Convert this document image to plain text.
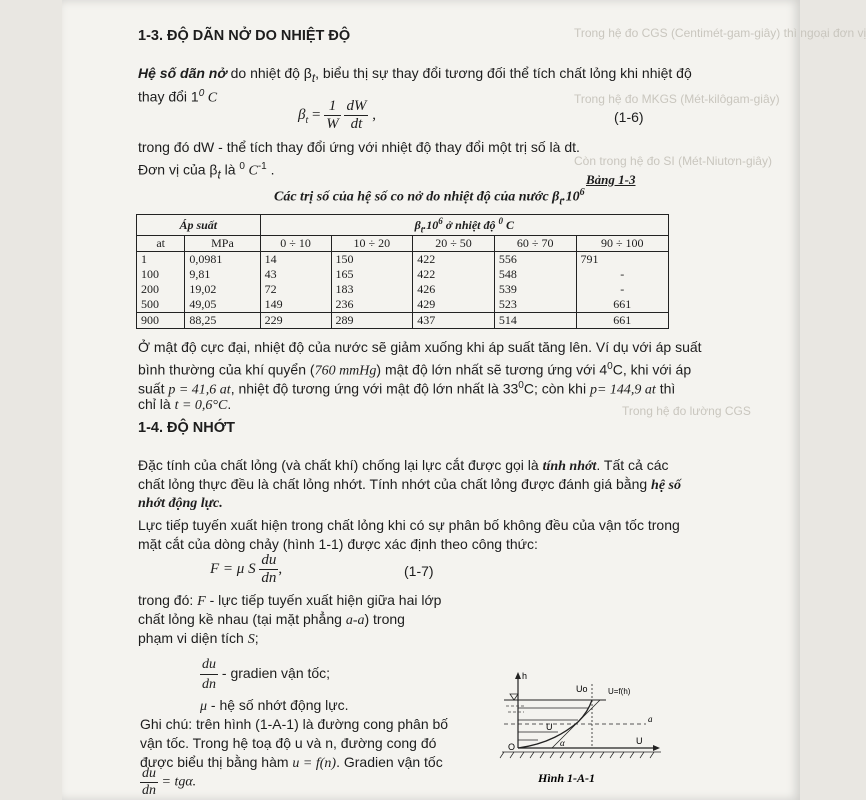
Trong hệ đo CGS (Centimét-gam-giây) thì ngoại đơn vị
Trong hệ đo MKGS (Mét-kilôgam-giây)
Còn trong hệ đo SI (Mét-Niutơn-giây)
Trong hệ đo lường CGS
1-3. ĐỘ DÃN NỞ DO NHIỆT ĐỘ
Hệ số dãn nở do nhiệt độ $\beta_t$, biểu thị sự thay đổi tương đối thể tích chất lỏng khi nhiệt độ
thay đổi $1^0$ C
$\beta_t = \frac{1}{W}$
$\frac{dW}{dt}$ ,	(1-6)
trong đó dW - thể tích thay đổi ứng với nhiệt độ thay đổi một trị số là dt.
Đơn vị của $\beta_t$ là $^0$ $C^{-1}$ .
Bảng 1-3
Các trị số của hệ số co nở do nhiệt độ của nước $\beta_t.10^6$
Áp suất		$\beta_t.10^6$ ở nhiệt độ $^0$ C				
at	MPa	0 ÷ 10	10 ÷ 20	20 ÷ 50	60 ÷ 70	90 ÷ 100
1	0,0981	14	150	422	556	791
100	9,81	43	165	422	548	-
200	19,02	72	183	426	539	-
500	49,05	149	236	429	523	661
900	88,25	229	289	437	514	661
Ở mật độ cực đại, nhiệt độ của nước sẽ giảm xuống khi áp suất tăng lên. Ví dụ với áp suất
bình thường của khí quyển (760 mmHg) mật độ lớn nhất sẽ tương ứng với $4^0C$, khi với áp
suất p = 41,6 at, nhiệt độ tương ứng với mật độ lớn nhất là $33^0C$; còn khi p= 144,9 at thì
chỉ là t = 0,6°C.
1-4. ĐỘ NHỚT
Đặc tính của chất lỏng (và chất khí) chống lại lực cắt được gọi là tính nhớt. Tất cả các
chất lỏng thực đều là chất lỏng nhớt. Tính nhớt của chất lỏng được đánh giá bằng hệ số
nhớt động lực.
Lực tiếp tuyến xuất hiện trong chất lỏng khi có sự phân bố không đều của vận tốc trong
mặt cắt của dòng chảy (hình 1-1) được xác định theo công thức:
F = μ S $\frac{du}{dn}$ ,	(1-7)
trong đó: F - lực tiếp tuyến xuất hiện giữa hai lớp
chất lỏng kề nhau (tại mặt phẳng a-a) trong
phạm vi diện tích S;
$\frac{du}{dn}$ - gradien vận tốc;
μ - hệ số nhớt động lực.
Ghi chú: trên hình (1-A-1) là đường cong phân bố
vận tốc. Trong hệ toạ độ u và n, đường cong đó
được biểu thị bằng hàm u = f(n). Gradien vận tốc
$\frac{du}{dn} = tg\alpha$.
h
Uo	U=f(h)
U
U
O
a
α
Hình 1-A-1
